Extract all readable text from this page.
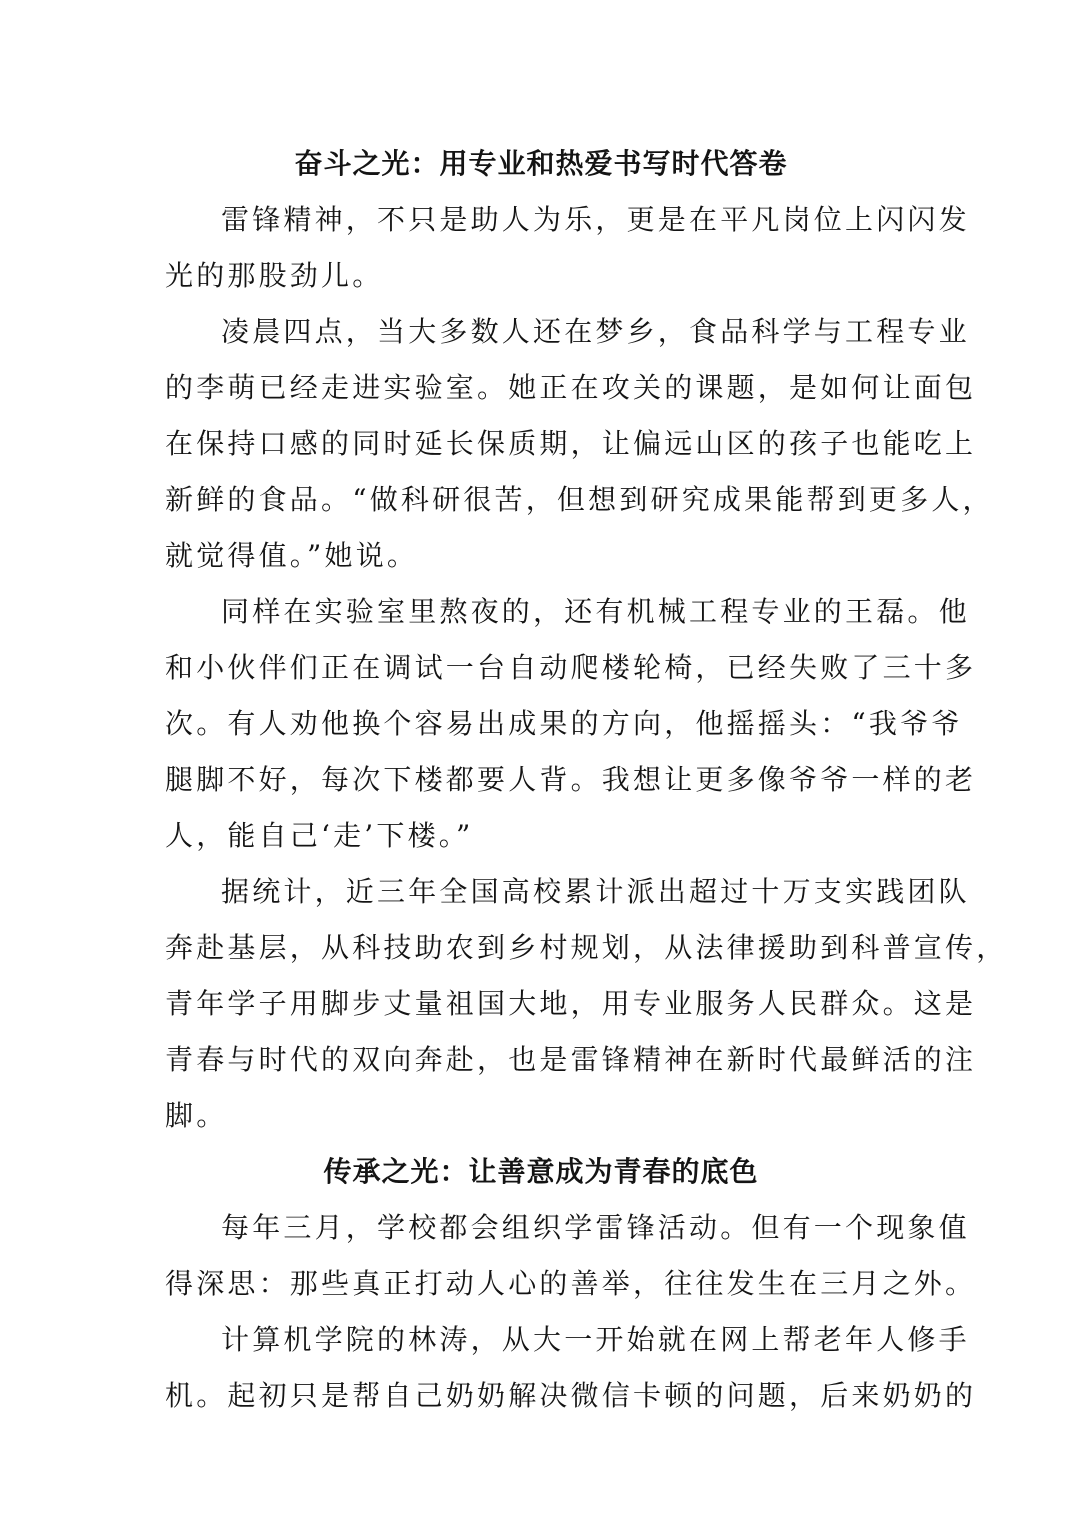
奋斗之光：用专业和热爱书写时代答卷
雷锋精神，不只是助人为乐，更是在平凡岗位上闪闪发
光的那股劲儿。
凌晨四点，当大多数人还在梦乡，食品科学与工程专业
的李萌已经走进实验室。她正在攻关的课题，是如何让面包
在保持口感的同时延长保质期，让偏远山区的孩子也能吃上
新鲜的食品。“做科研很苦，但想到研究成果能帮到更多人，
就觉得值。”她说。
同样在实验室里熬夜的，还有机械工程专业的王磊。他
和小伙伴们正在调试一台自动爬楼轮椅，已经失败了三十多
次。有人劝他换个容易出成果的方向，他摇摇头：“我爷爷
腿脚不好，每次下楼都要人背。我想让更多像爷爷一样的老
人，能自己‘走’下楼。”
据统计，近三年全国高校累计派出超过十万支实践团队
奔赴基层，从科技助农到乡村规划，从法律援助到科普宣传，
青年学子用脚步丈量祖国大地，用专业服务人民群众。这是
青春与时代的双向奔赴，也是雷锋精神在新时代最鲜活的注
脚。
传承之光：让善意成为青春的底色
每年三月，学校都会组织学雷锋活动。但有一个现象值
得深思：那些真正打动人心的善举，往往发生在三月之外。
计算机学院的林涛，从大一开始就在网上帮老年人修手
机。起初只是帮自己奶奶解决微信卡顿的问题，后来奶奶的
